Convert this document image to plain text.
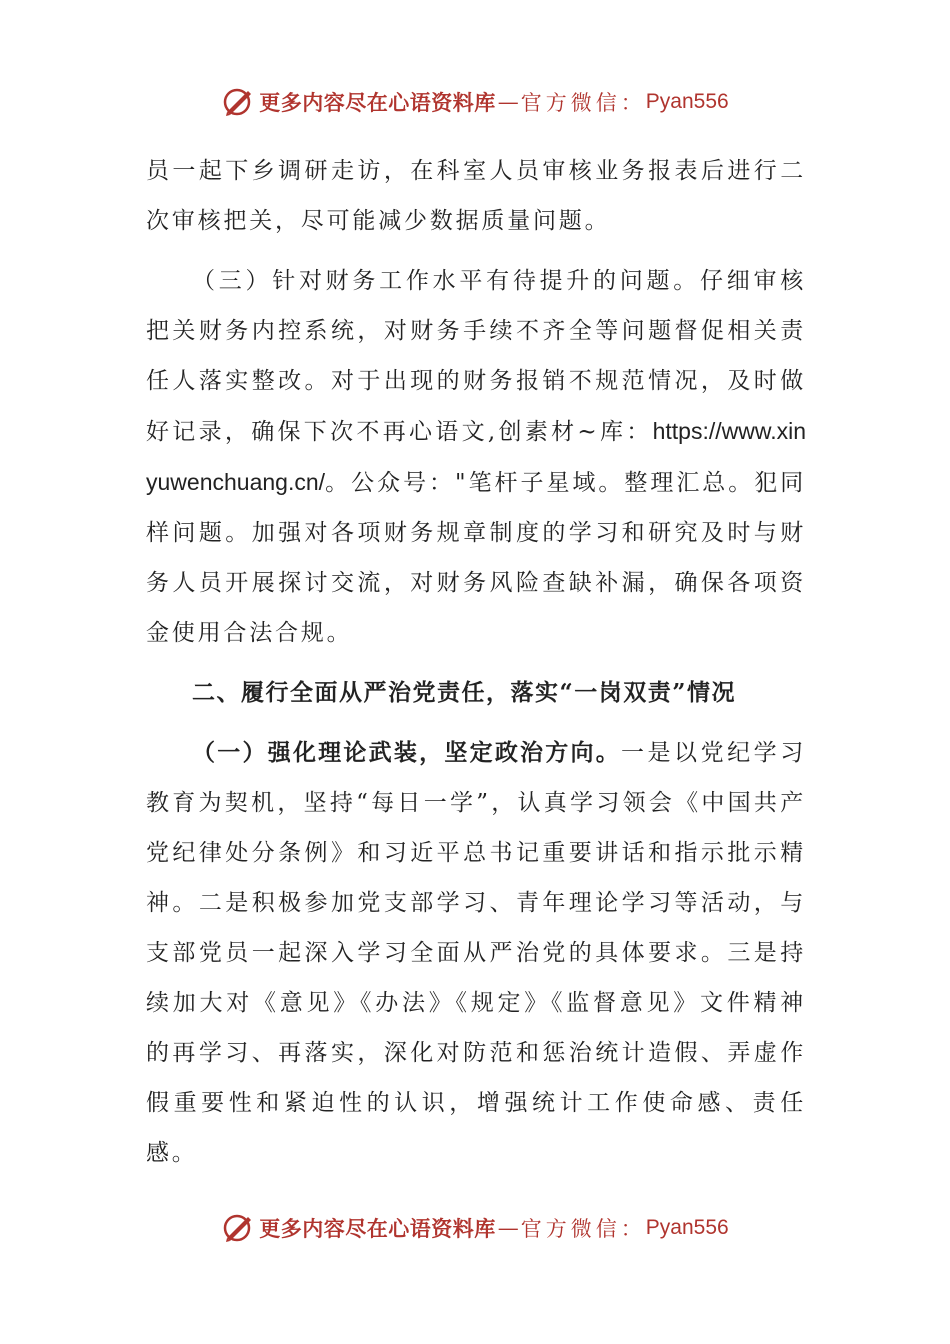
更多内容尽在心语资料库 — 官方微信： Pyan556

员一起下乡调研走访，在科室人员审核业务报表后进行二次审核把关，尽可能减少数据质量问题。

（三）针对财务工作水平有待提升的问题。仔细审核把关财务内控系统，对财务手续不齐全等问题督促相关责任人落实整改。对于出现的财务报销不规范情况，及时做好记录，确保下次不再心语文,创素材~库：https://www.xinyuwenchuang.cn/。公众号："笔杆子星域。整理汇总。犯同样问题。加强对各项财务规章制度的学习和研究及时与财务人员开展探讨交流，对财务风险查缺补漏，确保各项资金使用合法合规。

二、履行全面从严治党责任，落实“一岗双责”情况

（一）强化理论武装，坚定政治方向。一是以党纪学习教育为契机，坚持“每日一学”，认真学习领会《中国共产党纪律处分条例》和习近平总书记重要讲话和指示批示精神。二是积极参加党支部学习、青年理论学习等活动，与支部党员一起深入学习全面从严治党的具体要求。三是持续加大对《意见》《办法》《规定》《监督意见》文件精神的再学习、再落实，深化对防范和惩治统计造假、弄虚作假重要性和紧迫性的认识，增强统计工作使命感、责任感。

更多内容尽在心语资料库 — 官方微信： Pyan556
